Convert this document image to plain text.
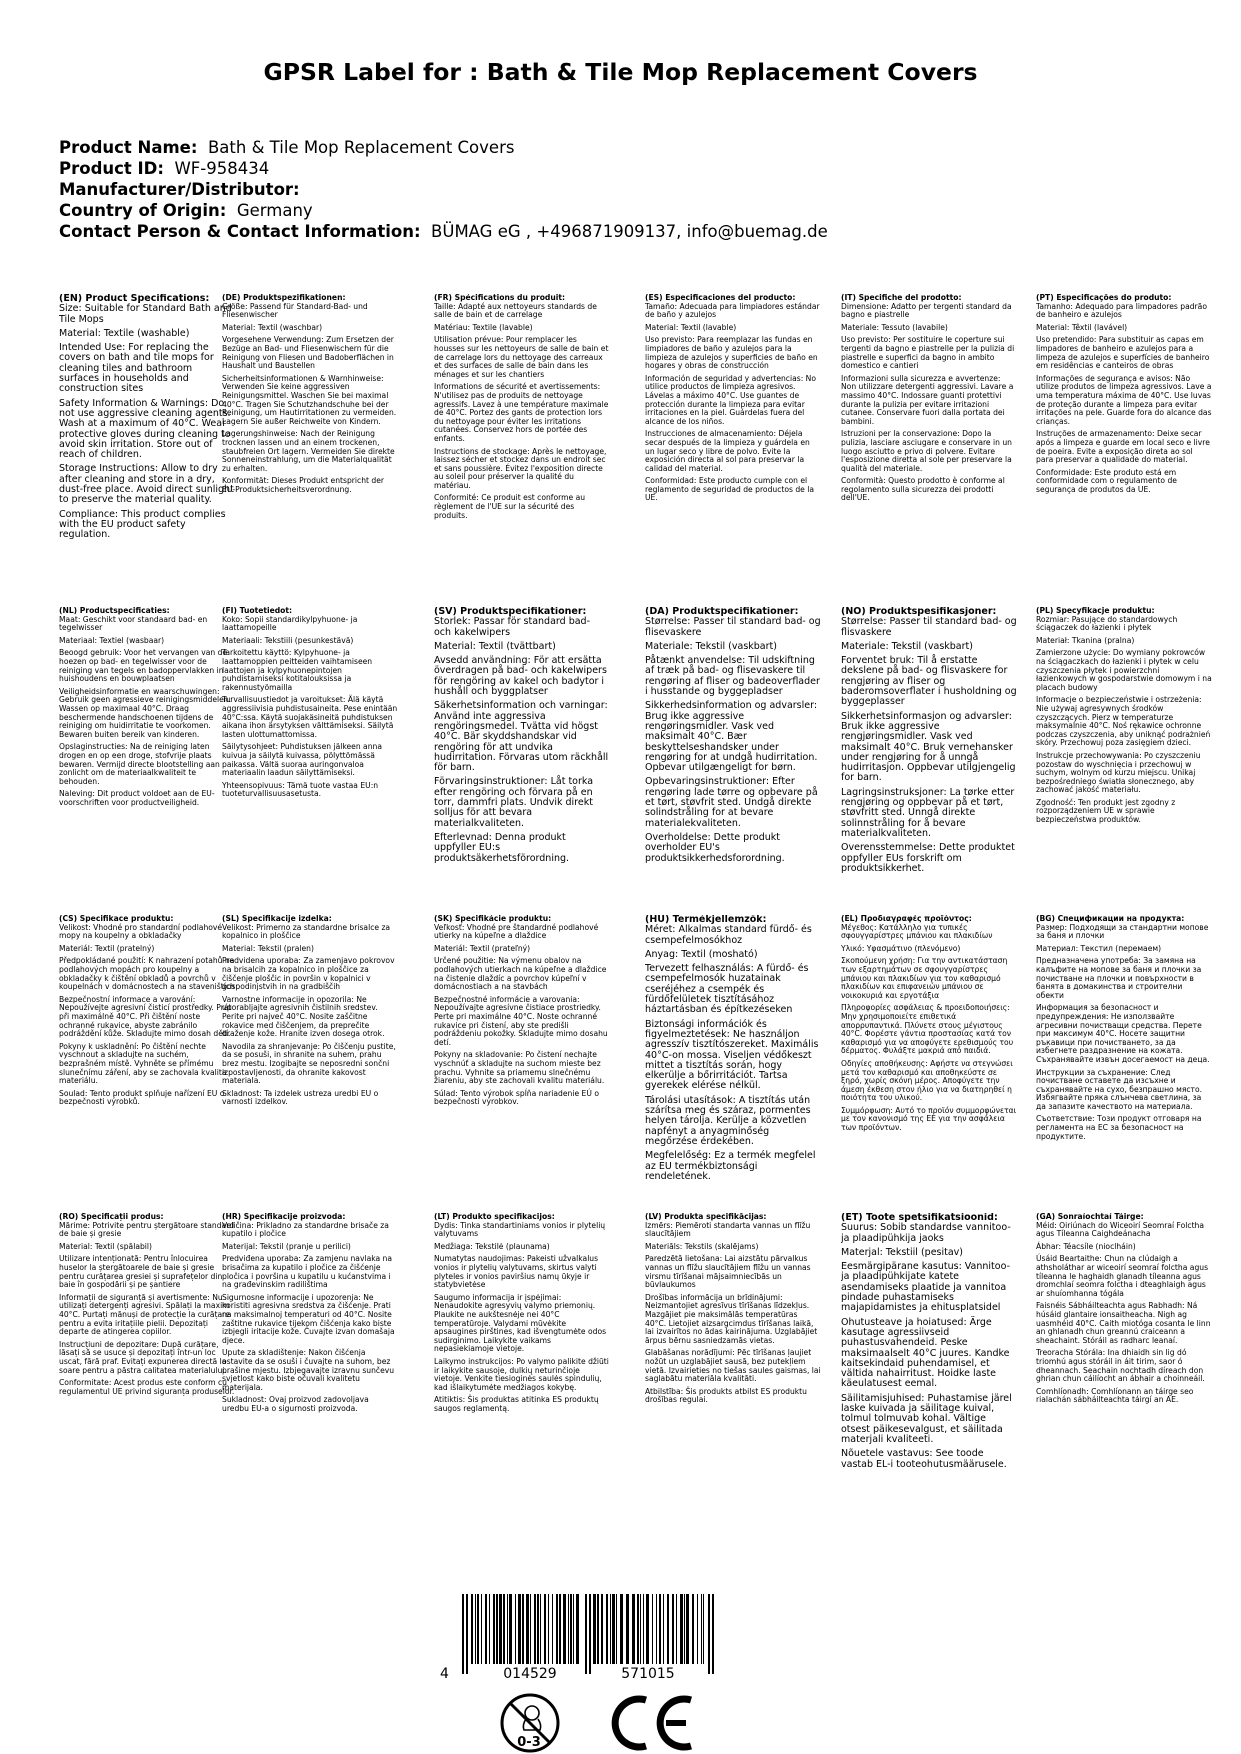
GPSR Label for : Bath & Tile Mop Replacement Covers
Product Name: Bath & Tile Mop Replacement Covers
Product ID: WF-958434
Manufacturer/Distributor:
Country of Origin: Germany
Contact Person & Contact Information: BÜMAG eG , +496871909137, info@buemag.de
(EN) Product Specifications:

Size: Suitable for Standard Bath and Tile Mops

Material: Textile (washable)

Intended Use: For replacing the covers on bath and tile mops for cleaning tiles and bathroom surfaces in households and construction sites

Safety Information & Warnings: Do not use aggressive cleaning agents. Wash at a maximum of 40°C. Wear protective gloves during cleaning to avoid skin irritation. Store out of reach of children.

Storage Instructions: Allow to dry after cleaning and store in a dry, dust-free place. Avoid direct sunlight to preserve the material quality.

Compliance: This product complies with the EU product safety regulation.

(DE) Produktspezifikationen:

Größe: Passend für Standard-Bad- und Fliesenwischer

Material: Textil (waschbar)

Vorgesehene Verwendung: Zum Ersetzen der Bezüge an Bad- und Fliesenwischern für die Reinigung von Fliesen und Badoberflächen in Haushalt und Baustellen

Sicherheitsinformationen & Warnhinweise: Verwenden Sie keine aggressiven Reinigungsmittel. Waschen Sie bei maximal 40°C. Tragen Sie Schutzhandschuhe bei der Reinigung, um Hautirritationen zu vermeiden. Lagern Sie außer Reichweite von Kindern.

Lagerungshinweise: Nach der Reinigung trocknen lassen und an einem trockenen, staubfreien Ort lagern. Vermeiden Sie direkte Sonneneinstrahlung, um die Materialqualität zu erhalten.

Konformität: Dieses Produkt entspricht der EU-Produktsicherheitsverordnung.

(FR) Spécifications du produit:

Taille: Adapté aux nettoyeurs standards de salle de bain et de carrelage

Matériau: Textile (lavable)

Utilisation prévue: Pour remplacer les housses sur les nettoyeurs de salle de bain et de carrelage lors du nettoyage des carreaux et des surfaces de salle de bain dans les ménages et sur les chantiers

Informations de sécurité et avertissements: N'utilisez pas de produits de nettoyage agressifs. Lavez à une température maximale de 40°C. Portez des gants de protection lors du nettoyage pour éviter les irritations cutanées. Conservez hors de portée des enfants.

Instructions de stockage: Après le nettoyage, laissez sécher et stockez dans un endroit sec et sans poussière. Évitez l'exposition directe au soleil pour préserver la qualité du matériau.

Conformité: Ce produit est conforme au règlement de l'UE sur la sécurité des produits.

(ES) Especificaciones del producto:

Tamaño: Adecuada para limpiadores estándar de baño y azulejos

Material: Textil (lavable)

Uso previsto: Para reemplazar las fundas en limpiadores de baño y azulejos para la limpieza de azulejos y superficies de baño en hogares y obras de construcción

Información de seguridad y advertencias: No utilice productos de limpieza agresivos. Lávelas a máximo 40°C. Use guantes de protección durante la limpieza para evitar irritaciones en la piel. Guárdelas fuera del alcance de los niños.

Instrucciones de almacenamiento: Déjela secar después de la limpieza y guárdela en un lugar seco y libre de polvo. Evite la exposición directa al sol para preservar la calidad del material.

Conformidad: Este producto cumple con el reglamento de seguridad de productos de la UE.

(IT) Specifiche del prodotto:

Dimensione: Adatto per tergenti standard da bagno e piastrelle

Materiale: Tessuto (lavabile)

Uso previsto: Per sostituire le coperture sui tergenti da bagno e piastrelle per la pulizia di piastrelle e superfici da bagno in ambito domestico e cantieri

Informazioni sulla sicurezza e avvertenze: Non utilizzare detergenti aggressivi. Lavare a massimo 40°C. Indossare guanti protettivi durante la pulizia per evitare irritazioni cutanee. Conservare fuori dalla portata dei bambini.

Istruzioni per la conservazione: Dopo la pulizia, lasciare asciugare e conservare in un luogo asciutto e privo di polvere. Evitare l'esposizione diretta al sole per preservare la qualità del materiale.

Conformità: Questo prodotto è conforme al regolamento sulla sicurezza dei prodotti dell'UE.

(PT) Especificações do produto:

Tamanho: Adequado para limpadores padrão de banheiro e azulejos

Material: Têxtil (lavável)

Uso pretendido: Para substituir as capas em limpadores de banheiro e azulejos para a limpeza de azulejos e superfícies de banheiro em residências e canteiros de obras

Informações de segurança e avisos: Não utilize produtos de limpeza agressivos. Lave a uma temperatura máxima de 40°C. Use luvas de proteção durante a limpeza para evitar irritações na pele. Guarde fora do alcance das crianças.

Instruções de armazenamento: Deixe secar após a limpeza e guarde em local seco e livre de poeira. Evite a exposição direta ao sol para preservar a qualidade do material.

Conformidade: Este produto está em conformidade com o regulamento de segurança de produtos da UE.

(NL) Productspecificaties:

Maat: Geschikt voor standaard bad- en tegelwisser

Materiaal: Textiel (wasbaar)

Beoogd gebruik: Voor het vervangen van de hoezen op bad- en tegelwisser voor de reiniging van tegels en badoppervlakken in huishoudens en bouwplaatsen

Veiligheidsinformatie en waarschuwingen: Gebruik geen agressieve reinigingsmiddelen. Wassen op maximaal 40°C. Draag beschermende handschoenen tijdens de reiniging om huidirritatie te voorkomen. Bewaren buiten bereik van kinderen.

Opslaginstructies: Na de reiniging laten drogen en op een droge, stofvrije plaats bewaren. Vermijd directe blootstelling aan zonlicht om de materiaalkwaliteit te behouden.

Naleving: Dit product voldoet aan de EU-voorschriften voor productveiligheid.

(FI) Tuotetiedot:

Koko: Sopii standardikylpyhuone- ja laattamopeille

Materiaali: Tekstiili (pesunkestävä)

Tarkoitettu käyttö: Kylpyhuone- ja laattamoppien peitteiden vaihtamiseen laattojen ja kylpyhuonepintojen puhdistamiseksi kotitalouksissa ja rakennustyömailla

Turvallisuustiedot ja varoitukset: Älä käytä aggressiivisia puhdistusaineita. Pese enintään 40°C:ssa. Käytä suojakäsineitä puhdistuksen aikana ihon ärsytyksen välttämiseksi. Säilytä lasten ulottumattomissa.

Säilytysohjeet: Puhdistuksen jälkeen anna kuivua ja säilytä kuivassa, pölyttömässä paikassa. Vältä suoraa auringonvaloa materiaalin laadun säilyttämiseksi.

Yhteensopivuus: Tämä tuote vastaa EU:n tuoteturvallisuusasetusta.

(SV) Produktspecifikationer:

Storlek: Passar för standard bad- och kakelwipers

Material: Textil (tvättbart)

Avsedd användning: För att ersätta överdragen på bad- och kakelwipers för rengöring av kakel och badytor i hushåll och byggplatser

Säkerhetsinformation och varningar: Använd inte aggressiva rengöringsmedel. Tvätta vid högst 40°C. Bär skyddshandskar vid rengöring för att undvika hudirritation. Förvaras utom räckhåll för barn.

Förvaringsinstruktioner: Låt torka efter rengöring och förvara på en torr, dammfri plats. Undvik direkt solljus för att bevara materialkvaliteten.

Efterlevnad: Denna produkt uppfyller EU:s produktsäkerhetsförordning.

(DA) Produktspecifikationer:

Størrelse: Passer til standard bad- og flisevaskere

Materiale: Tekstil (vaskbart)

Påtænkt anvendelse: Til udskiftning af træk på bad- og flisevaskere til rengøring af fliser og badeoverflader i husstande og byggepladser

Sikkerhedsinformation og advarsler: Brug ikke aggressive rengøringsmidler. Vask ved maksimalt 40°C. Bær beskyttelseshandsker under rengøring for at undgå hudirritation. Opbevar utilgængeligt for børn.

Opbevaringsinstruktioner: Efter rengøring lade tørre og opbevare på et tørt, støvfrit sted. Undgå direkte solindstråling for at bevare materialekvaliteten.

Overholdelse: Dette produkt overholder EU's produktsikkerhedsforordning.

(NO) Produktspesifikasjoner:

Størrelse: Passer til standard bad- og flisvaskere

Materiale: Tekstil (vaskbart)

Forventet bruk: Til å erstatte dekslene på bad- og flisvaskere for rengjøring av fliser og baderomsoverflater i husholdning og byggeplasser

Sikkerhetsinformasjon og advarsler: Bruk ikke aggressive rengjøringsmidler. Vask ved maksimalt 40°C. Bruk vernehansker under rengjøring for å unngå hudirritasjon. Oppbevar utilgjengelig for barn.

Lagringsinstruksjoner: La tørke etter rengjøring og oppbevar på et tørt, støvfritt sted. Unngå direkte solinnstråling for å bevare materialkvaliteten.

Overensstemmelse: Dette produktet oppfyller EUs forskrift om produktsikkerhet.

(PL) Specyfikacje produktu:

Rozmiar: Pasujące do standardowych ściągaczek do łazienki i płytek

Materiał: Tkanina (pralna)

Zamierzone użycie: Do wymiany pokrowców na ściągaczkach do łazienki i płytek w celu czyszczenia płytek i powierzchni łazienkowych w gospodarstwie domowym i na placach budowy

Informacje o bezpieczeństwie i ostrzeżenia: Nie używaj agresywnych środków czyszczących. Pierz w temperaturze maksymalnie 40°C. Noś rękawice ochronne podczas czyszczenia, aby uniknąć podrażnień skóry. Przechowuj poza zasięgiem dzieci.

Instrukcje przechowywania: Po czyszczeniu pozostaw do wyschnięcia i przechowuj w suchym, wolnym od kurzu miejscu. Unikaj bezpośredniego światła słonecznego, aby zachować jakość materiału.

Zgodność: Ten produkt jest zgodny z rozporządzeniem UE w sprawie bezpieczeństwa produktów.

(CS) Specifikace produktu:

Velikost: Vhodné pro standardní podlahové mopy na koupelny a obkladačky

Materiál: Textil (pratelný)

Předpokládané použití: K nahrazení potahů na podlahových mopách pro koupelny a obkladačky k čištění obkladů a povrchů v koupelnách v domácnostech a na staveništích

Bezpečnostní informace a varování: Nepoužívejte agresivní čisticí prostředky. Prát při maximálně 40°C. Při čištění noste ochranné rukavice, abyste zabránilo podráždění kůže. Skladujte mimo dosah dětí.

Pokyny k uskladnění: Po čištění nechte vyschnout a skladujte na suchém, bezprašném místě. Vyhněte se přímému slunečnímu záření, aby se zachovala kvalita materiálu.

Soulad: Tento produkt splňuje nařízení EU o bezpečnosti výrobků.

(SL) Specifikacije izdelka:

Velikost: Primerno za standardne brisalce za kopalnico in ploščice

Material: Tekstil (pralen)

Predvidena uporaba: Za zamenjavo pokrovov na brisalcih za kopalnico in ploščice za čiščenje ploščic in površin v kopalnici v gospodinjstvih in na gradbiščih

Varnostne informacije in opozorila: Ne uporabljajte agresivnih čistilnih sredstev. Perite pri največ 40°C. Nosite zaščitne rokavice med čiščenjem, da preprečite draženje kože. Hranite izven dosega otrok.

Navodila za shranjevanje: Po čiščenju pustite, da se posuši, in shranite na suhem, prahu brez mestu. Izogibajte se neposredni sončni izpostavljenosti, da ohranite kakovost materiala.

Skladnost: Ta izdelek ustreza uredbi EU o varnosti izdelkov.

(SK) Špecifikácie produktu:

Veľkosť: Vhodné pre štandardné podlahové utierky na kúpeľne a dlaždice

Materiál: Textil (prateľný)

Určené použitie: Na výmenu obalov na podlahových utierkach na kúpeľne a dlaždice na čistenie dlaždíc a povrchov kúpeľní v domácnostiach a na stavbách

Bezpečnostné informácie a varovania: Nepoužívajte agresívne čistiace prostriedky. Perte pri maximálne 40°C. Noste ochranné rukavice pri čistení, aby ste predišli podráždeniu pokožky. Skladujte mimo dosahu detí.

Pokyny na skladovanie: Po čistení nechajte vyschnúť a skladujte na suchom mieste bez prachu. Vyhnite sa priamemu slnečnému žiareniu, aby ste zachovali kvalitu materiálu.

Súlad: Tento výrobok spĺňa nariadenie EÚ o bezpečnosti výrobkov.

(HU) Termékjellemzők:

Méret: Alkalmas standard fürdő- és csempefelmosókhoz

Anyag: Textil (mosható)

Tervezett felhasználás: A fürdő- és csempefelmosók huzatainak cseréjéhez a csempék és fürdőfelületek tisztításához háztartásban és építkezéseken

Biztonsági információk és figyelmeztetések: Ne használjon agresszív tisztítószereket. Maximális 40°C-on mossa. Viseljen védőkeszt mittet a tisztítás során, hogy elkerülje a bőrirritációt. Tartsa gyerekek elérése nélkül.

Tárolási utasítások: A tisztítás után szárítsa meg és száraz, pormentes helyen tárolja. Kerülje a közvetlen napfényt a anyagminőség megőrzése érdekében.

Megfelelőség: Ez a termék megfelel az EU termékbiztonsági rendeletének.

(EL) Προδιαγραφές προϊόντος:

Μέγεθος: Κατάλληλο για τυπικές σφουγγαρίστρες μπάνιου και πλακιδίων

Υλικό: Υφασμάτινο (πλενόμενο)

Σκοπούμενη χρήση: Για την αντικατάσταση των εξαρτημάτων σε σφουγγαρίστρες μπάνιου και πλακιδίων για τον καθαρισμό πλακιδίων και επιφανειών μπάνιου σε νοικοκυριά και εργοτάξια

Πληροφορίες ασφάλειας & προειδοποιήσεις: Μην χρησιμοποιείτε επιθετικά απορρυπαντικά. Πλύνετε στους μέγιστους 40°C. Φορέστε γάντια προστασίας κατά τον καθαρισμό για να αποφύγετε ερεθισμούς του δέρματος. Φυλάξτε μακριά από παιδιά.

Οδηγίες αποθήκευσης: Αφήστε να στεγνώσει μετά τον καθαρισμό και αποθηκεύστε σε ξηρό, χωρίς σκόνη μέρος. Αποφύγετε την άμεση έκθεση στον ήλιο για να διατηρηθεί η ποιότητα του υλικού.

Συμμόρφωση: Αυτό το προϊόν συμμορφώνεται με τον κανονισμό της ΕΕ για την ασφάλεια των προϊόντων.

(BG) Спецификации на продукта:

Размер: Подходящи за стандартни мопове за баня и плочки

Материал: Текстил (перемаем)

Предназначена употреба: За замяна на калъфите на мопове за баня и плочки за почистване на плочки и повърхности в банята в домакинства и строителни обекти

Информация за безопасност и предупреждения: Не използвайте агресивни почистващи средства. Перете при максимум 40°C. Носете защитни ръкавици при почистването, за да избегнете раздразнение на кожата. Съхранявайте извън досегаемост на деца.

Инструкции за съхранение: След почистване оставете да изсъхне и съхранявайте на сухо, безпрашно място. Избягвайте пряка слънчева светлина, за да запазите качеството на материала.

Съответствие: Този продукт отговаря на регламента на ЕС за безопасност на продуктите.

(RO) Specificații produs:

Mărime: Potrivite pentru ștergătoare standard de baie și gresie

Material: Textil (spălabil)

Utilizare intenționată: Pentru înlocuirea huselor la ștergătoarele de baie și gresie pentru curățarea gresiei și suprafețelor din baie în gospodării și pe șantiere

Informații de siguranță și avertismente: Nu utilizați detergenți agresivi. Spălați la maxim 40°C. Purtați mănuși de protecție la curățare pentru a evita iritațiile pielii. Depozitați departe de atingerea copiilor.

Instrucțiuni de depozitare: După curățare, lăsați să se usuce și depozitați într-un loc uscat, fără praf. Evitați expunerea directă la soare pentru a păstra calitatea materialului.

Conformitate: Acest produs este conform cu regulamentul UE privind siguranța produselor.

(HR) Specifikacije proizvoda:

Veličina: Prikladno za standardne brisače za kupatilo i pločice

Materijal: Tekstil (pranje u perilici)

Predviđena uporaba: Za zamjenu navlaka na brisačima za kupatilo i pločice za čišćenje pločica i površina u kupatilu u kućanstvima i na građevinskim radilištima

Sigurnosne informacije i upozorenja: Ne koristiti agresivna sredstva za čišćenje. Prati na maksimalnoj temperaturi od 40°C. Nosite zaštitne rukavice tijekom čišćenja kako biste izbjegli iritacije kože. Čuvajte izvan domašaja djece.

Upute za skladištenje: Nakon čišćenja ostavite da se osuši i čuvajte na suhom, bez prašine mjestu. Izbjegavajte izravnu sunčevu svjetlost kako biste očuvali kvalitetu materijala.

Sukladnost: Ovaj proizvod zadovoljava uredbu EU-a o sigurnosti proizvoda.

(LT) Produkto specifikacijos:

Dydis: Tinka standartiniams vonios ir plytelių valytuvams

Medžiaga: Tekstilė (plaunama)

Numatytas naudojimas: Pakeisti užvalkalus vonios ir plytelių valytuvams, skirtus valyti plyteles ir vonios paviršius namų ūkyje ir statybvietėse

Saugumo informacija ir įspėjimai: Nenaudokite agresyvių valymo priemonių. Plaukite ne aukštesnėje nei 40°C temperatūroje. Valydami mūvėkite apsaugines pirštines, kad išvengtumėte odos sudirginimo. Laikykite vaikams nepasiekiamoje vietoje.

Laikymo instrukcijos: Po valymo palikite džiūti ir laikykite sausoje, dulkių neturinčioje vietoje. Venkite tiesioginės saulės spindulių, kad išlaikytumėte medžiagos kokybę.

Atitiktis: Šis produktas atitinka ES produktų saugos reglamentą.

(LV) Produkta specifikācijas:

Izmērs: Piemēroti standarta vannas un flīžu slaucītājiem

Materiāls: Tekstils (skalējams)

Paredzētā lietošana: Lai aizstātu pārvalkus vannas un flīžu slaucītājiem flīžu un vannas virsmu tīrīšanai mājsaimniecībās un būvlaukumos

Drošības informācija un brīdinājumi: Neizmantojiet agresīvus tīrīšanas līdzekļus. Mazgājiet pie maksimālās temperatūras 40°C. Lietojiet aizsargcimdus tīrīšanas laikā, lai izvairītos no ādas kairinājuma. Uzglabājiet ārpus bērnu sasniedzamās vietas.

Glabāšanas norādījumi: Pēc tīrīšanas ļaujiet nožūt un uzglabājiet sausā, bez putekļiem vietā. Izvairieties no tiešas saules gaismas, lai saglabātu materiāla kvalitāti.

Atbilstība: Šis produkts atbilst ES produktu drošības regulai.

(ET) Toote spetsifikatsioonid:

Suurus: Sobib standardse vannitoo- ja plaadipühkija jaoks

Materjal: Tekstiil (pesitav)

Eesmärgipärane kasutus: Vannitoo- ja plaadipühkijate katete asendamiseks plaatide ja vannitoa pindade puhastamiseks majapidamistes ja ehitusplatsidel

Ohutusteave ja hoiatused: Ärge kasutage agressiivseid puhastusvahendeid. Peske maksimaalselt 40°C juures. Kandke kaitsekindaid puhendamisel, et vältida nahairritust. Hoidke laste käeulatusest eemal.

Säilitamisjuhised: Puhastamise järel laske kuivada ja säilitage kuival, tolmul tolmuvab kohal. Vältige otsest päikesevalgust, et säilitada materjali kvaliteeti.

Nõuetele vastavus: See toode vastab EL-i tooteohutusmäärusele.

(GA) Sonraíochtaí Táirge:

Méid: Oiriúnach do Wiceoirí Seomraí Folctha agus Tíleanna Caighdeánacha

Ábhar: Téacsíle (nioclháin)

Úsáid Beartaithe: Chun na clúdaigh a athsholáthar ar wiceoirí seomraí folctha agus tíleanna le haghaidh glanadh tíleanna agus dromchlaí seomra folctha i dteaghlaigh agus ar shuíomhanna tógála

Faisnéis Sábháilteachta agus Rabhadh: Ná húsáid glantaire ionsaitheacha. Nigh ag uasmhéid 40°C. Caith miotóga cosanta le linn an ghlanadh chun greannú craiceann a sheachaint. Stóráil as radharc leanaí.

Treoracha Stórála: Ina dhiaidh sin lig dó triomhú agus stóráil in áit tirim, saor ó dheannach. Seachain nochtadh díreach don ghrian chun cáilíocht an ábhair a choinneáil.

Comhlíonadh: Comhlíonann an táirge seo rialachán sábháilteachta táirgí an AE.

4	014529	571015
0-3
